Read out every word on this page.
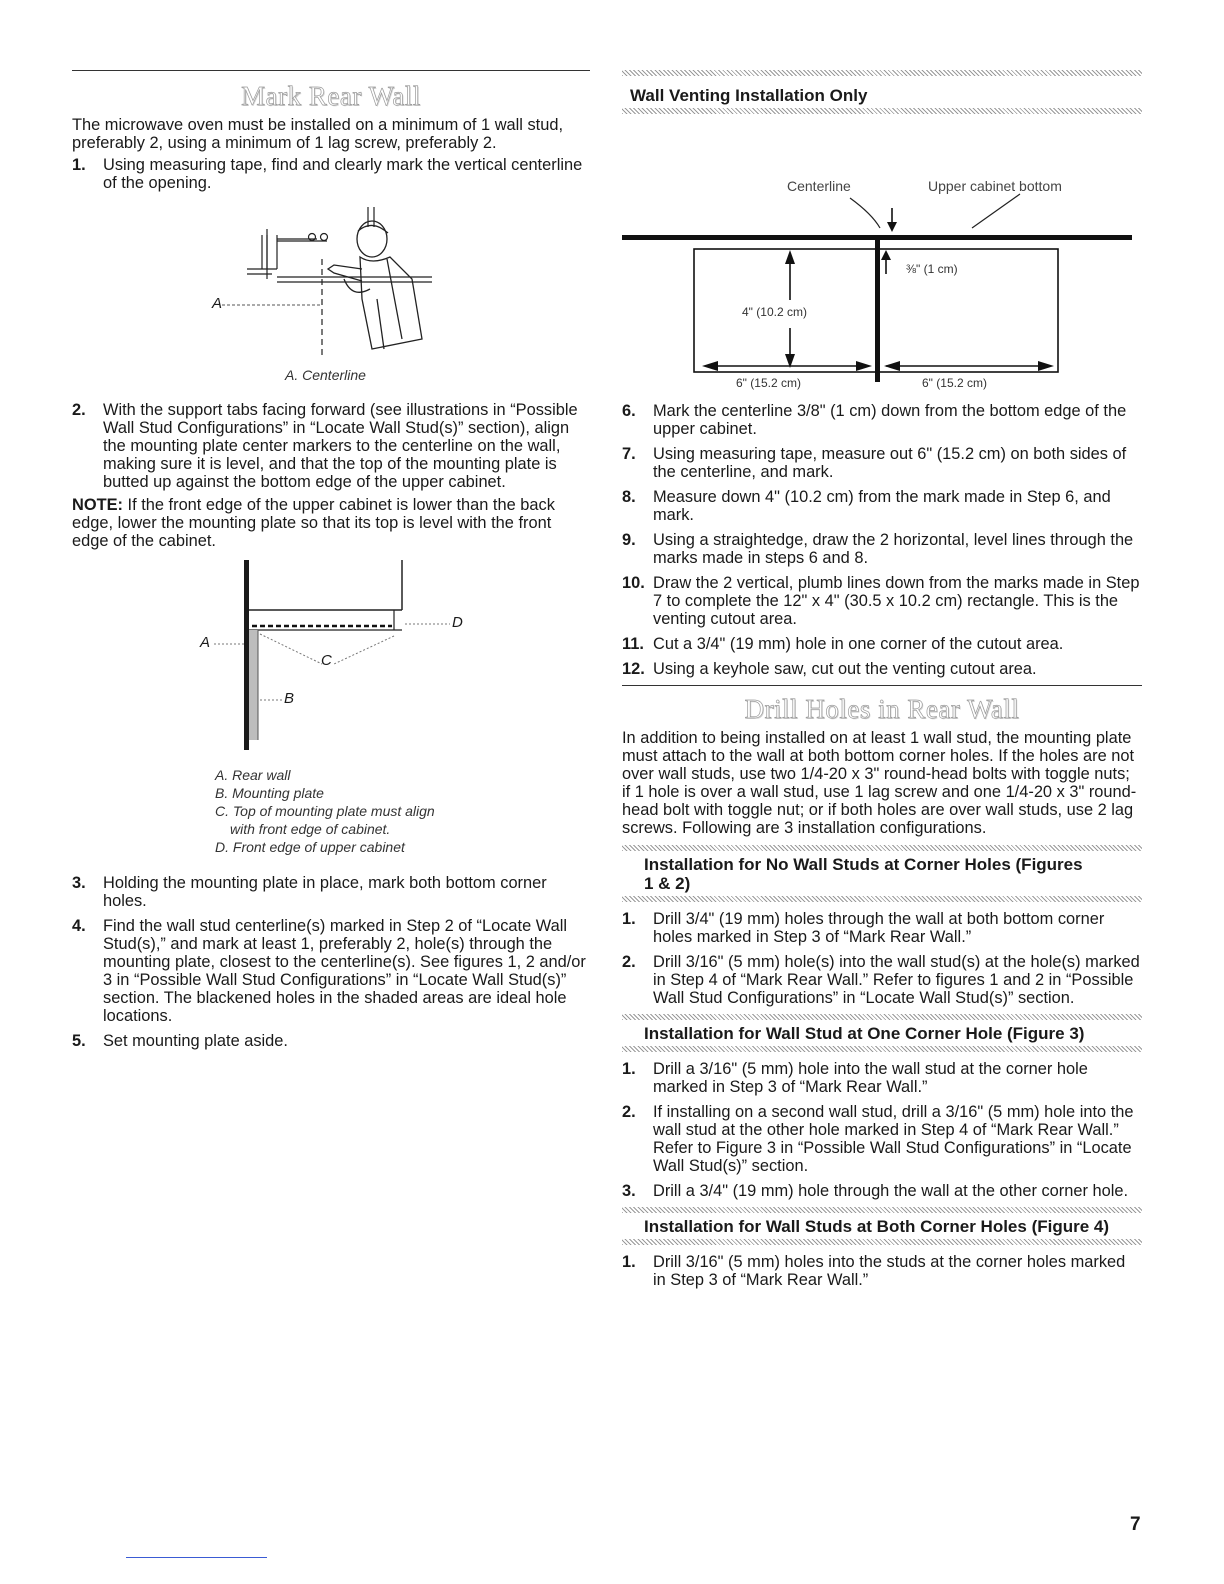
Mark Rear Wall

The microwave oven must be installed on a minimum of 1 wall stud, preferably 2, using a minimum of 1 lag screw, preferably 2.

1. Using measuring tape, find and clearly mark the vertical centerline of the opening.
A
A. Centerline
2. With the support tabs facing forward (see illustrations in “Possible Wall Stud Configurations” in “Locate Wall Stud(s)” section), align the mounting plate center markers to the centerline on the wall, making sure it is level, and that the top of the mounting plate is butted up against the bottom edge of the upper cabinet.

NOTE: If the front edge of the upper cabinet is lower than the back edge, lower the mounting plate so that its top is level with the front edge of the cabinet.

A
C
B
D
A. Rear wall
B. Mounting plate
C. Top of mounting plate must align
with front edge of cabinet.
D. Front edge of upper cabinet
3. Holding the mounting plate in place, mark both bottom corner holes.
4. Find the wall stud centerline(s) marked in Step 2 of “Locate Wall Stud(s),” and mark at least 1, preferably 2, hole(s) through the mounting plate, closest to the centerline(s). See figures 1, 2 and/or 3 in “Possible Wall Stud Configurations” in “Locate Wall Stud(s)” section. The blackened holes in the shaded areas are ideal hole locations.
5. Set mounting plate aside.
Wall Venting Installation Only
Centerline	Upper cabinet bottom
⅜" (1 cm)
4" (10.2 cm)
6" (15.2 cm)	6" (15.2 cm)
6. Mark the centerline 3/8" (1 cm) down from the bottom edge of the upper cabinet.
7. Using measuring tape, measure out 6" (15.2 cm) on both sides of the centerline, and mark.
8. Measure down 4" (10.2 cm) from the mark made in Step 6, and mark.
9. Using a straightedge, draw the 2 horizontal, level lines through the marks made in steps 6 and 8.
10. Draw the 2 vertical, plumb lines down from the marks made in Step 7 to complete the 12" x 4" (30.5 x 10.2 cm) rectangle. This is the venting cutout area.
11. Cut a 3/4" (19 mm) hole in one corner of the cutout area.
12. Using a keyhole saw, cut out the venting cutout area.
Drill Holes in Rear Wall

In addition to being installed on at least 1 wall stud, the mounting plate must attach to the wall at both bottom corner holes. If the holes are not over wall studs, use two 1/4-20 x 3" round-head bolts with toggle nuts; if 1 hole is over a wall stud, use 1 lag screw and one 1/4-20 x 3" round-head bolt with toggle nut; or if both holes are over wall studs, use 2 lag screws. Following are 3 installation configurations.

Installation for No Wall Studs at Corner Holes (Figures 1 & 2)
1. Drill 3/4" (19 mm) holes through the wall at both bottom corner holes marked in Step 3 of “Mark Rear Wall.”
2. Drill 3/16" (5 mm) hole(s) into the wall stud(s) at the hole(s) marked in Step 4 of “Mark Rear Wall.” Refer to figures 1 and 2 in “Possible Wall Stud Configurations” in “Locate Wall Stud(s)” section.
Installation for Wall Stud at One Corner Hole (Figure 3)
1. Drill a 3/16" (5 mm) hole into the wall stud at the corner hole marked in Step 3 of “Mark Rear Wall.”
2. If installing on a second wall stud, drill a 3/16" (5 mm) hole into the wall stud at the other hole marked in Step 4 of “Mark Rear Wall.” Refer to Figure 3 in “Possible Wall Stud Configurations” in “Locate Wall Stud(s)” section.
3. Drill a 3/4" (19 mm) hole through the wall at the other corner hole.
Installation for Wall Studs at Both Corner Holes (Figure 4)
1. Drill 3/16" (5 mm) holes into the studs at the corner holes marked in Step 3 of “Mark Rear Wall.”
7
